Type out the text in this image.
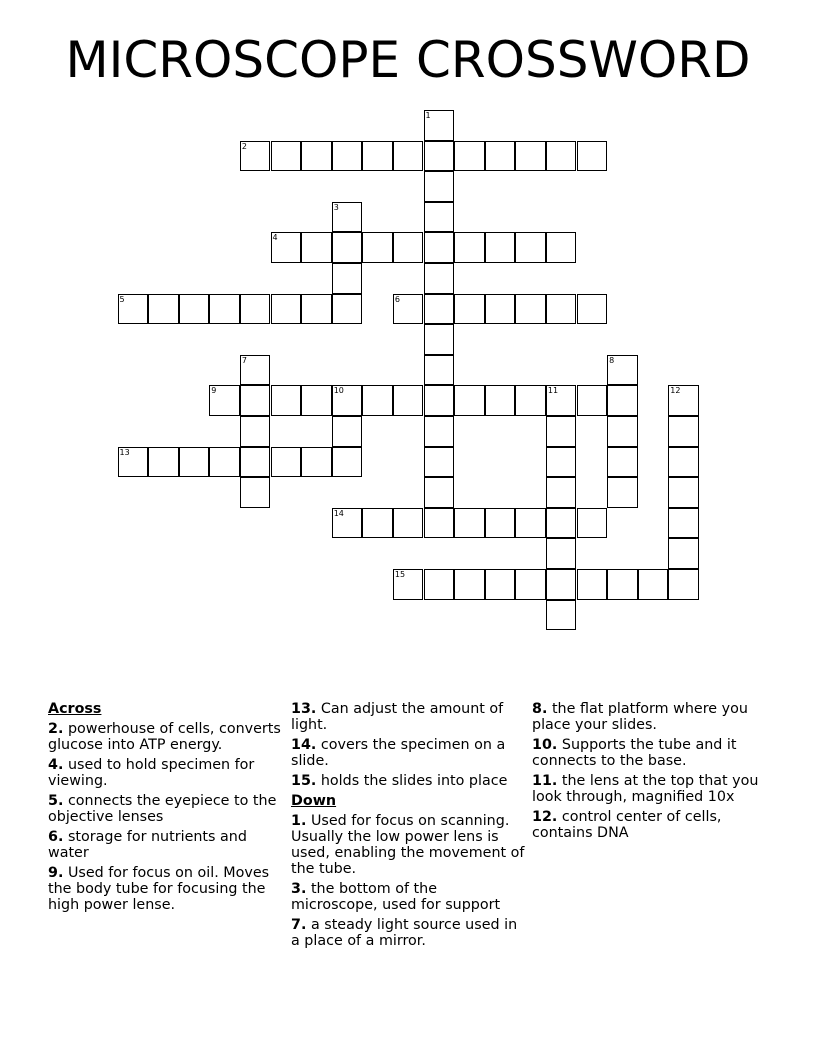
MICROSCOPE CROSSWORD
1
2
3
4
5	6
7	8
9	10	11	12
13
14
15
Across
2. powerhouse of cells, converts glucose into ATP energy.
4. used to hold specimen for viewing.
5. connects the eyepiece to the objective lenses
6. storage for nutrients and water
9. Used for focus on oil. Moves the body tube for focusing the high power lense.
13. Can adjust the amount of light.
14. covers the specimen on a slide.
15. holds the slides into place
Down
1. Used for focus on scanning. Usually the low power lens is used, enabling the movement of the tube.
3. the bottom of the microscope, used for support
7. a steady light source used in a place of a mirror.
8. the flat platform where you place your slides.
10. Supports the tube and it connects to the base.
11. the lens at the top that you look through, magnified 10x
12. control center of cells, contains DNA
